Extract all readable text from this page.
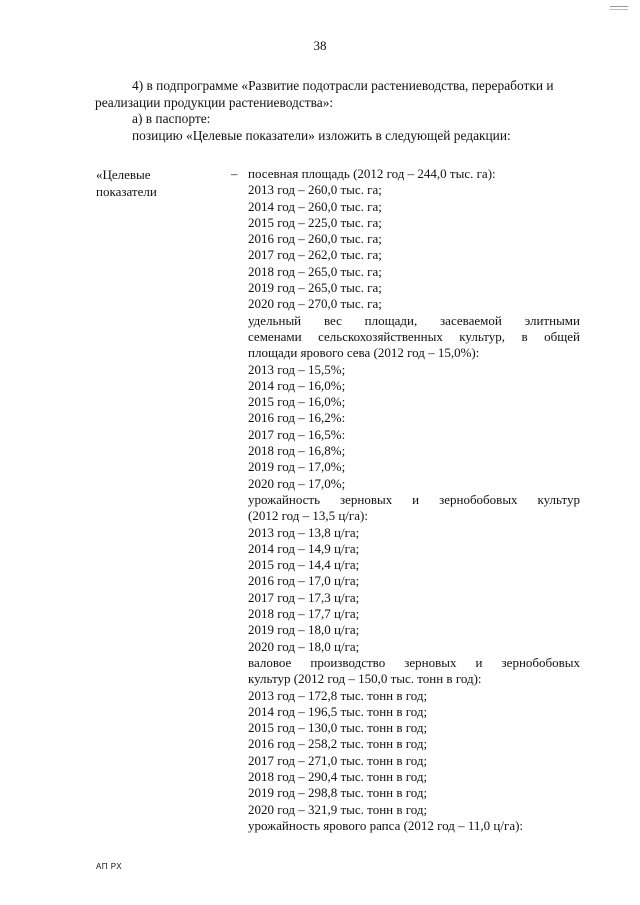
38

4) в подпрограмме «Развитие подотрасли растениеводства, переработки и

реализации продукции растениеводства»:

а) в паспорте:

позицию «Целевые показатели» изложить в следующей редакции:

«Целевые
показатели
– посевная площадь (2012 год – 244,0 тыс. га):
2013 год – 260,0 тыс. га;
2014 год – 260,0 тыс. га;
2015 год – 225,0 тыс. га;
2016 год – 260,0 тыс. га;
2017 год – 262,0 тыс. га;
2018 год – 265,0 тыс. га;
2019 год – 265,0 тыс. га;
2020 год – 270,0 тыс. га;
удельный вес площади, засеваемой элитными
семенами сельскохозяйственных культур, в общей
площади ярового сева (2012 год – 15,0%):
2013 год – 15,5%;
2014 год – 16,0%;
2015 год – 16,0%;
2016 год – 16,2%:
2017 год – 16,5%:
2018 год – 16,8%;
2019 год – 17,0%;
2020 год – 17,0%;
урожайность зерновых и зернобобовых культур
(2012 год – 13,5 ц/га):
2013 год – 13,8 ц/га;
2014 год – 14,9 ц/га;
2015 год – 14,4 ц/га;
2016 год – 17,0 ц/га;
2017 год – 17,3 ц/га;
2018 год – 17,7 ц/га;
2019 год – 18,0 ц/га;
2020 год – 18,0 ц/га;
валовое производство зерновых и зернобобовых
культур (2012 год – 150,0 тыс. тонн в год):
2013 год – 172,8 тыс. тонн в год;
2014 год – 196,5 тыс. тонн в год;
2015 год – 130,0 тыс. тонн в год;
2016 год – 258,2 тыс. тонн в год;
2017 год – 271,0 тыс. тонн в год;
2018 год – 290,4 тыс. тонн в год;
2019 год – 298,8 тыс. тонн в год;
2020 год – 321,9 тыс. тонн в год;
урожайность ярового рапса (2012 год – 11,0 ц/га):
АП РХ
